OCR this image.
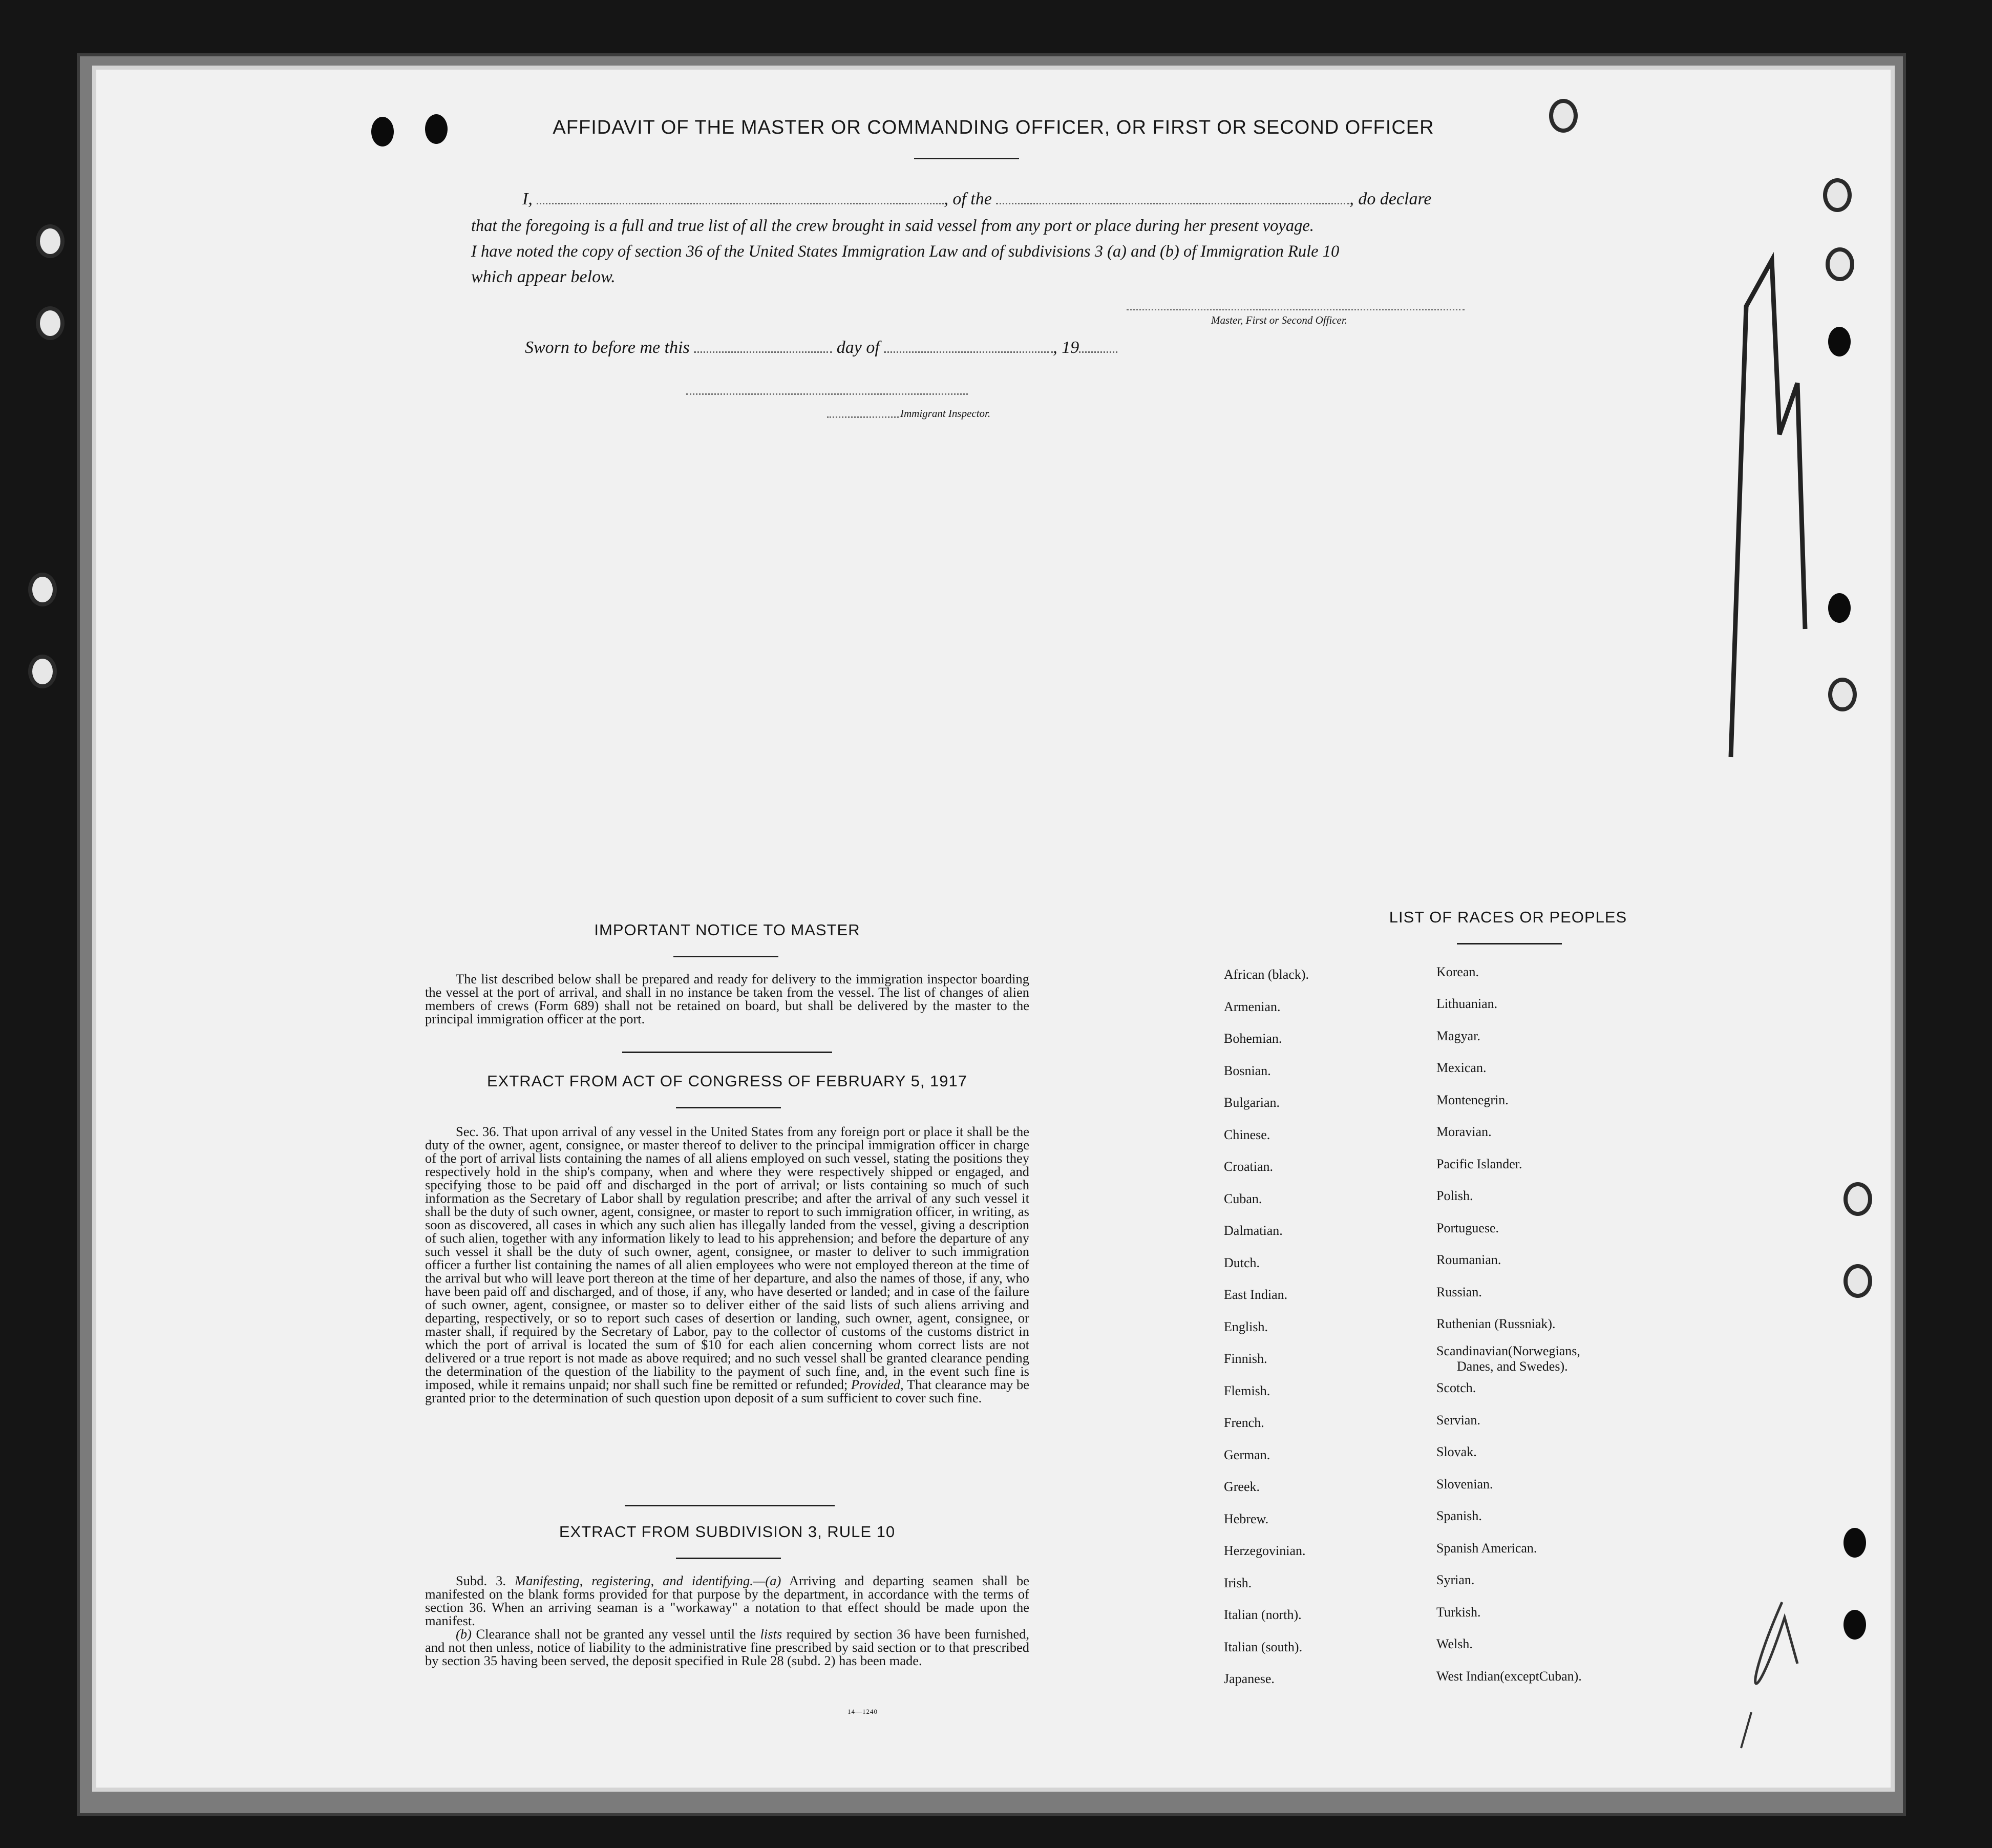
AFFIDAVIT OF THE MASTER OR COMMANDING OFFICER, OR FIRST OR SECOND OFFICER
I,	, of the	, do declare
that the foregoing is a full and true list of all the crew brought in said vessel from any port or place during her present voyage.
I have noted the copy of section 36 of the United States Immigration Law and of subdivisions 3 (a) and (b) of Immigration Rule 10
which appear below.
Master, First or Second Officer.
Sworn to before me this	day of	, 19
Immigrant Inspector.
IMPORTANT NOTICE TO MASTER
The list described below shall be prepared and ready for delivery to the immigration inspector boarding the vessel at the port of arrival, and shall in no instance be taken from the vessel. The list of changes of alien members of crews (Form 689) shall not be retained on board, but shall be delivered by the master to the principal immigration officer at the port.
EXTRACT FROM ACT OF CONGRESS OF FEBRUARY 5, 1917
Sec. 36. That upon arrival of any vessel in the United States from any foreign port or place it shall be the duty of the owner, agent, consignee, or master thereof to deliver to the principal immigration officer in charge of the port of arrival lists containing the names of all aliens employed on such vessel, stating the positions they respectively hold in the ship's company, when and where they were respectively shipped or engaged, and specifying those to be paid off and discharged in the port of arrival; or lists containing so much of such information as the Secretary of Labor shall by regulation prescribe; and after the arrival of any such vessel it shall be the duty of such owner, agent, consignee, or master to report to such immigration officer, in writing, as soon as discovered, all cases in which any such alien has illegally landed from the vessel, giving a description of such alien, together with any information likely to lead to his apprehension; and before the departure of any such vessel it shall be the duty of such owner, agent, consignee, or master to deliver to such immigration officer a further list containing the names of all alien employees who were not employed thereon at the time of the arrival but who will leave port thereon at the time of her departure, and also the names of those, if any, who have been paid off and discharged, and of those, if any, who have deserted or landed; and in case of the failure of such owner, agent, consignee, or master so to deliver either of the said lists of such aliens arriving and departing, respectively, or so to report such cases of desertion or landing, such owner, agent, consignee, or master shall, if required by the Secretary of Labor, pay to the collector of customs of the customs district in which the port of arrival is located the sum of $10 for each alien concerning whom correct lists are not delivered or a true report is not made as above required; and no such vessel shall be granted clearance pending the determination of the question of the liability to the payment of such fine, and, in the event such fine is imposed, while it remains unpaid; nor shall such fine be remitted or refunded; Provided, That clearance may be granted prior to the determination of such question upon deposit of a sum sufficient to cover such fine.
EXTRACT FROM SUBDIVISION 3, RULE 10

Subd. 3. Manifesting, registering, and identifying.—(a) Arriving and departing seamen shall be manifested on the blank forms provided for that purpose by the department, in accordance with the terms of section 36. When an arriving seaman is a "workaway" a notation to that effect should be made upon the manifest.

(b) Clearance shall not be granted any vessel until the lists required by section 36 have been furnished, and not then unless, notice of liability to the administrative fine prescribed by said section or to that prescribed by section 35 having been served, the deposit specified in Rule 28 (subd. 2) has been made.

14—1240
LIST OF RACES OR PEOPLES
African (black).
Armenian.
Bohemian.
Bosnian.
Bulgarian.
Chinese.
Croatian.
Cuban.
Dalmatian.
Dutch.
East Indian.
English.
Finnish.
Flemish.
French.
German.
Greek.
Hebrew.
Herzegovinian.
Irish.
Italian (north).
Italian (south).
Japanese.
Korean.
Lithuanian.
Magyar.
Mexican.
Montenegrin.
Moravian.
Pacific Islander.
Polish.
Portuguese.
Roumanian.
Russian.
Ruthenian (Russniak).
Scandinavian(Norwegians,
Danes, and Swedes).
Scotch.
Servian.
Slovak.
Slovenian.
Spanish.
Spanish American.
Syrian.
Turkish.
Welsh.
West Indian(exceptCuban).
